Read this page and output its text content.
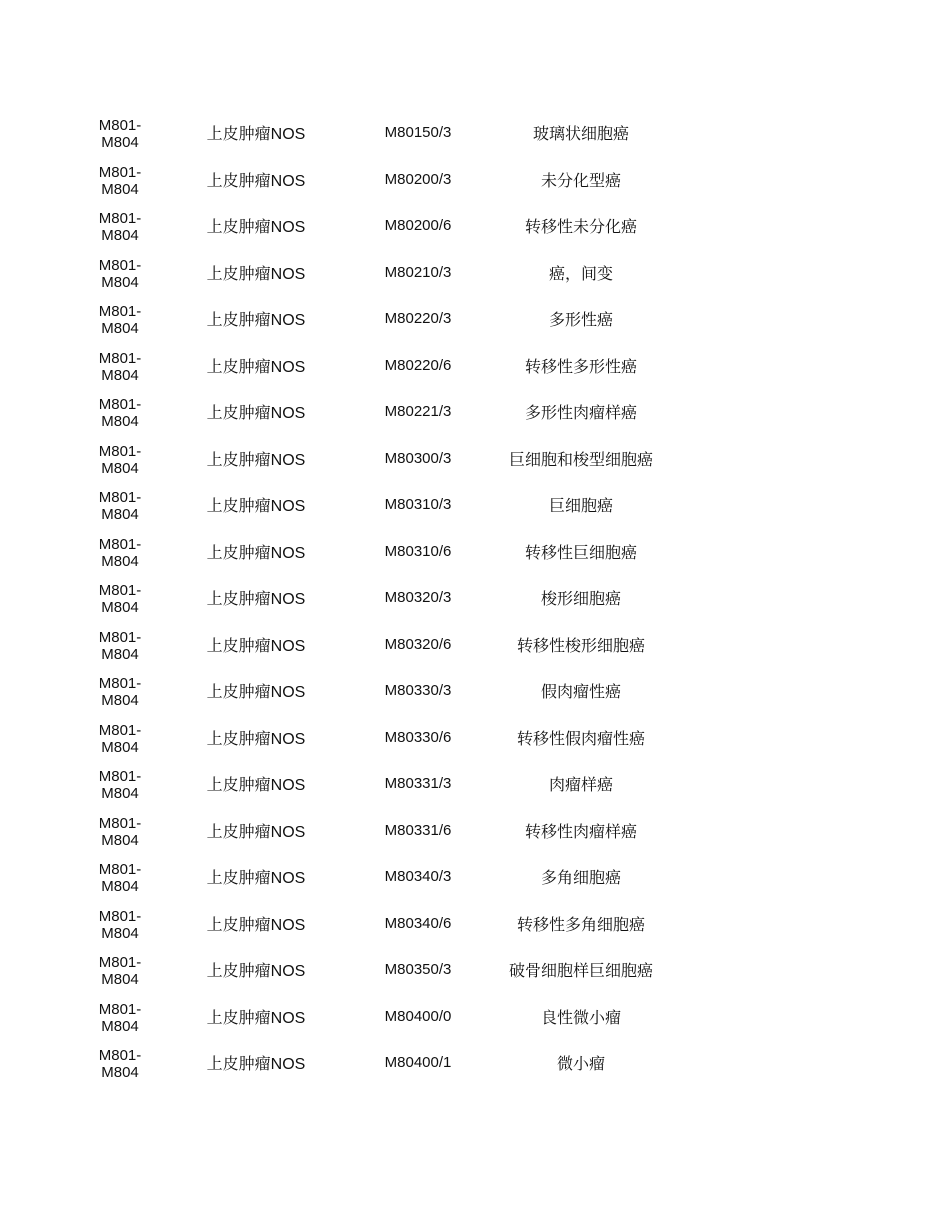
M801-
M804	上皮肿瘤NOS	M80150/3	玻璃状细胞癌
M801-
M804	上皮肿瘤NOS	M80200/3	未分化型癌
M801-
M804	上皮肿瘤NOS	M80200/6	转移性未分化癌
M801-
M804	上皮肿瘤NOS	M80210/3	癌，间变
M801-
M804	上皮肿瘤NOS	M80220/3	多形性癌
M801-
M804	上皮肿瘤NOS	M80220/6	转移性多形性癌
M801-
M804	上皮肿瘤NOS	M80221/3	多形性肉瘤样癌
M801-
M804	上皮肿瘤NOS	M80300/3	巨细胞和梭型细胞癌
M801-
M804	上皮肿瘤NOS	M80310/3	巨细胞癌
M801-
M804	上皮肿瘤NOS	M80310/6	转移性巨细胞癌
M801-
M804	上皮肿瘤NOS	M80320/3	梭形细胞癌
M801-
M804	上皮肿瘤NOS	M80320/6	转移性梭形细胞癌
M801-
M804	上皮肿瘤NOS	M80330/3	假肉瘤性癌
M801-
M804	上皮肿瘤NOS	M80330/6	转移性假肉瘤性癌
M801-
M804	上皮肿瘤NOS	M80331/3	肉瘤样癌
M801-
M804	上皮肿瘤NOS	M80331/6	转移性肉瘤样癌
M801-
M804	上皮肿瘤NOS	M80340/3	多角细胞癌
M801-
M804	上皮肿瘤NOS	M80340/6	转移性多角细胞癌
M801-
M804	上皮肿瘤NOS	M80350/3	破骨细胞样巨细胞癌
M801-
M804	上皮肿瘤NOS	M80400/0	良性微小瘤
M801-
M804	上皮肿瘤NOS	M80400/1	微小瘤
